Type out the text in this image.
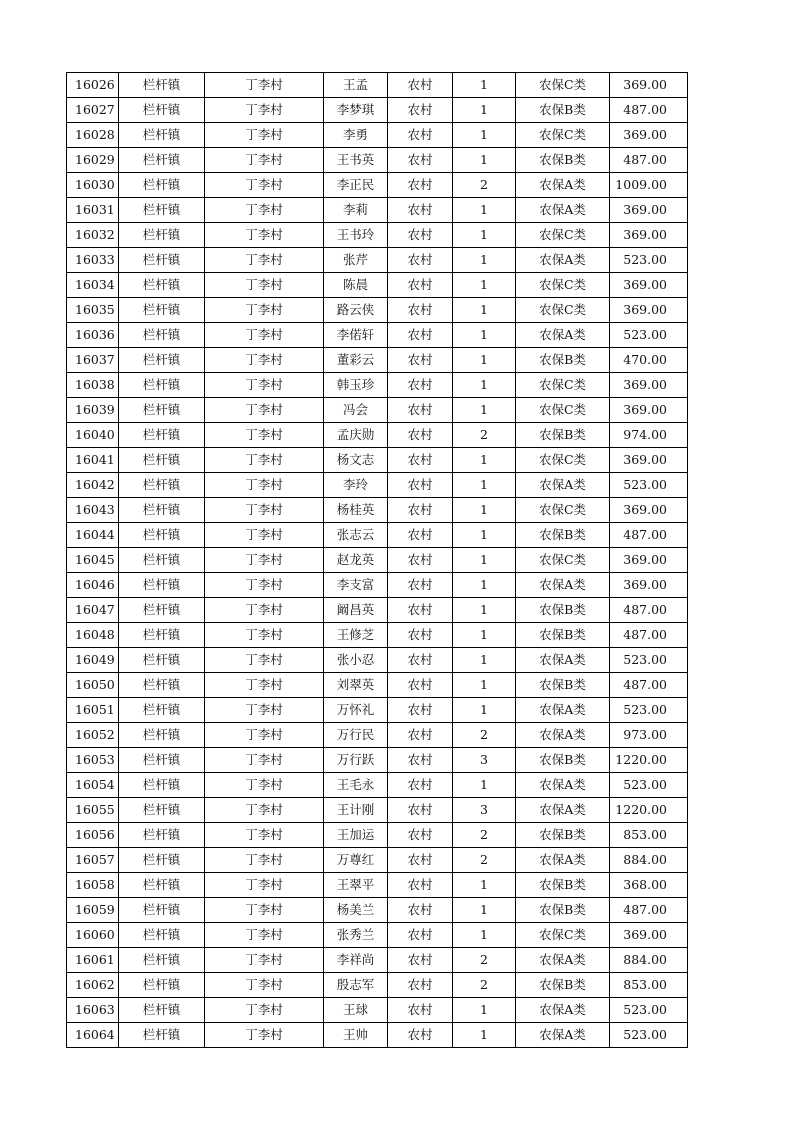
16026	栏杆镇	丁李村	王孟	农村	1	农保C类	369.00
16027	栏杆镇	丁李村	李梦琪	农村	1	农保B类	487.00
16028	栏杆镇	丁李村	李勇	农村	1	农保C类	369.00
16029	栏杆镇	丁李村	王书英	农村	1	农保B类	487.00
16030	栏杆镇	丁李村	李正民	农村	2	农保A类	1009.00
16031	栏杆镇	丁李村	李莉	农村	1	农保A类	369.00
16032	栏杆镇	丁李村	王书玲	农村	1	农保C类	369.00
16033	栏杆镇	丁李村	张芹	农村	1	农保A类	523.00
16034	栏杆镇	丁李村	陈晨	农村	1	农保C类	369.00
16035	栏杆镇	丁李村	路云侠	农村	1	农保C类	369.00
16036	栏杆镇	丁李村	李偌轩	农村	1	农保A类	523.00
16037	栏杆镇	丁李村	董彩云	农村	1	农保B类	470.00
16038	栏杆镇	丁李村	韩玉珍	农村	1	农保C类	369.00
16039	栏杆镇	丁李村	冯会	农村	1	农保C类	369.00
16040	栏杆镇	丁李村	孟庆勋	农村	2	农保B类	974.00
16041	栏杆镇	丁李村	杨文志	农村	1	农保C类	369.00
16042	栏杆镇	丁李村	李玲	农村	1	农保A类	523.00
16043	栏杆镇	丁李村	杨桂英	农村	1	农保C类	369.00
16044	栏杆镇	丁李村	张志云	农村	1	农保B类	487.00
16045	栏杆镇	丁李村	赵龙英	农村	1	农保C类	369.00
16046	栏杆镇	丁李村	李支富	农村	1	农保A类	369.00
16047	栏杆镇	丁李村	阚昌英	农村	1	农保B类	487.00
16048	栏杆镇	丁李村	王修芝	农村	1	农保B类	487.00
16049	栏杆镇	丁李村	张小忍	农村	1	农保A类	523.00
16050	栏杆镇	丁李村	刘翠英	农村	1	农保B类	487.00
16051	栏杆镇	丁李村	万怀礼	农村	1	农保A类	523.00
16052	栏杆镇	丁李村	万行民	农村	2	农保A类	973.00
16053	栏杆镇	丁李村	万行跃	农村	3	农保B类	1220.00
16054	栏杆镇	丁李村	王毛永	农村	1	农保A类	523.00
16055	栏杆镇	丁李村	王计刚	农村	3	农保A类	1220.00
16056	栏杆镇	丁李村	王加运	农村	2	农保B类	853.00
16057	栏杆镇	丁李村	万尊红	农村	2	农保A类	884.00
16058	栏杆镇	丁李村	王翠平	农村	1	农保B类	368.00
16059	栏杆镇	丁李村	杨美兰	农村	1	农保B类	487.00
16060	栏杆镇	丁李村	张秀兰	农村	1	农保C类	369.00
16061	栏杆镇	丁李村	李祥尚	农村	2	农保A类	884.00
16062	栏杆镇	丁李村	殷志军	农村	2	农保B类	853.00
16063	栏杆镇	丁李村	王球	农村	1	农保A类	523.00
16064	栏杆镇	丁李村	王帅	农村	1	农保A类	523.00
